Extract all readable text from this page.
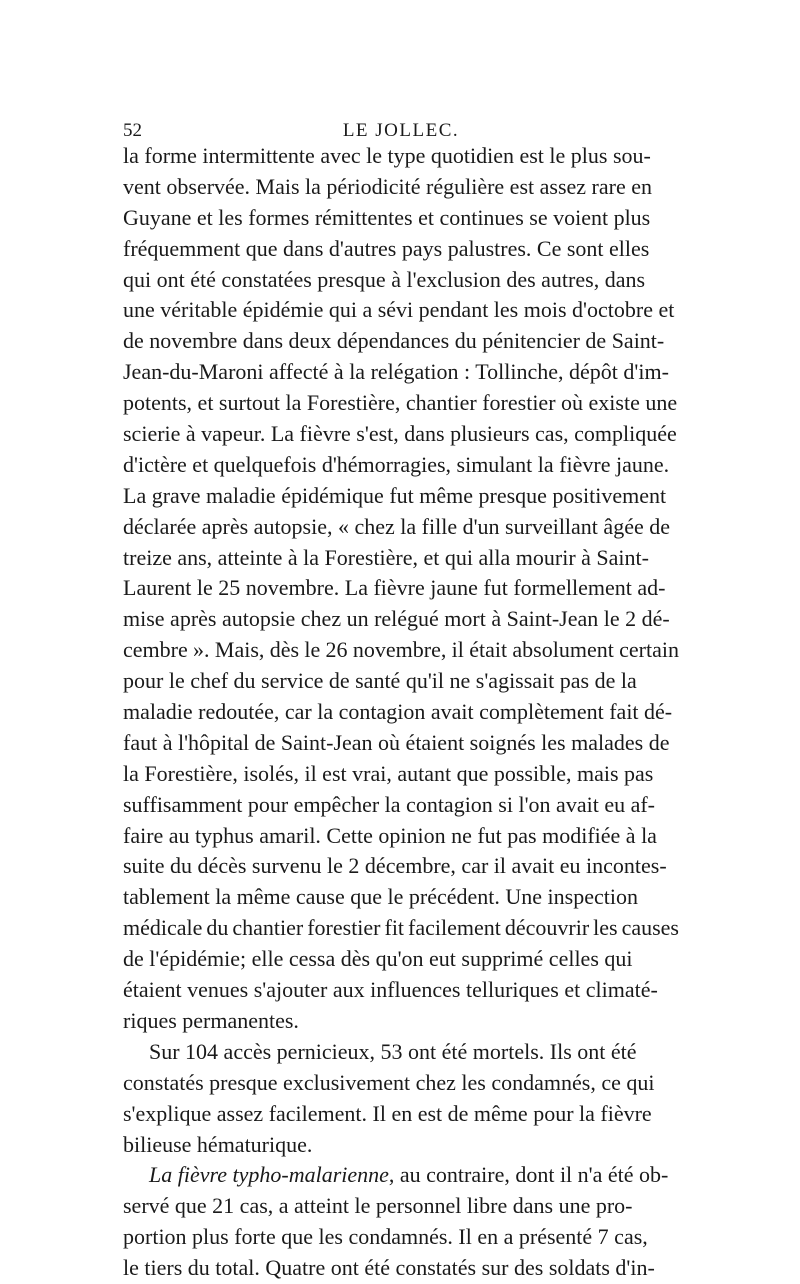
52	LE JOLLEC.
la forme intermittente avec le type quotidien est le plus sou-
vent observée. Mais la périodicité régulière est assez rare en
Guyane et les formes rémittentes et continues se voient plus
fréquemment que dans d'autres pays palustres. Ce sont elles
qui ont été constatées presque à l'exclusion des autres, dans
une véritable épidémie qui a sévi pendant les mois d'octobre et
de novembre dans deux dépendances du pénitencier de Saint-
Jean-du-Maroni affecté à la relégation : Tollinche, dépôt d'im-
potents, et surtout la Forestière, chantier forestier où existe une
scierie à vapeur. La fièvre s'est, dans plusieurs cas, compliquée
d'ictère et quelquefois d'hémorragies, simulant la fièvre jaune.
La grave maladie épidémique fut même presque positivement
déclarée après autopsie, « chez la fille d'un surveillant âgée de
treize ans, atteinte à la Forestière, et qui alla mourir à Saint-
Laurent le 25 novembre. La fièvre jaune fut formellement ad-
mise après autopsie chez un relégué mort à Saint-Jean le 2 dé-
cembre ». Mais, dès le 26 novembre, il était absolument certain
pour le chef du service de santé qu'il ne s'agissait pas de la
maladie redoutée, car la contagion avait complètement fait dé-
faut à l'hôpital de Saint-Jean où étaient soignés les malades de
la Forestière, isolés, il est vrai, autant que possible, mais pas
suffisamment pour empêcher la contagion si l'on avait eu af-
faire au typhus amaril. Cette opinion ne fut pas modifiée à la
suite du décès survenu le 2 décembre, car il avait eu incontes-
tablement la même cause que le précédent. Une inspection
médicale du chantier forestier fit facilement découvrir les causes
de l'épidémie; elle cessa dès qu'on eut supprimé celles qui
étaient venues s'ajouter aux influences telluriques et climaté-
riques permanentes.
Sur 104 accès pernicieux, 53 ont été mortels. Ils ont été
constatés presque exclusivement chez les condamnés, ce qui
s'explique assez facilement. Il en est de même pour la fièvre
bilieuse hématurique.
La fièvre typho-malarienne, au contraire, dont il n'a été ob-
servé que 21 cas, a atteint le personnel libre dans une pro-
portion plus forte que les condamnés. Il en a présenté 7 cas,
le tiers du total. Quatre ont été constatés sur des soldats d'in-
